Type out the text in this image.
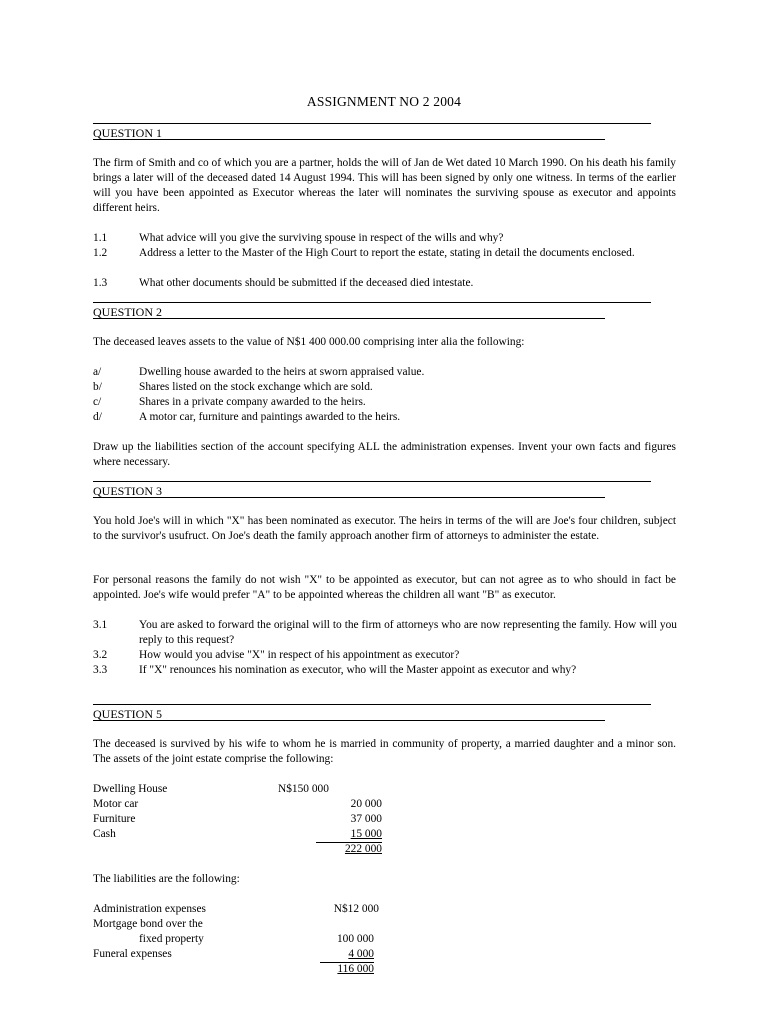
ASSIGNMENT NO 2 2004
QUESTION 1

The firm of Smith and co of which you are a partner, holds the will of Jan de Wet dated 10 March 1990. On his death his family brings a later will of the deceased dated 14 August 1994. This will has been signed by only one witness. In terms of the earlier will you have been appointed as Executor whereas the later will nominates the surviving spouse as executor and appoints different heirs.

1.1	What advice will you give the surviving spouse in respect of the wills and why?
1.2	Address a letter to the Master of the High Court to report the estate, stating in detail the documents enclosed.
1.3	What other documents should be submitted if the deceased died intestate.
QUESTION 2

The deceased leaves assets to the value of N$1 400 000.00 comprising inter alia the following:

a/	Dwelling house awarded to the heirs at sworn appraised value.
b/	Shares listed on the stock exchange which are sold.
c/	Shares in a private company awarded to the heirs.
d/	A motor car, furniture and paintings awarded to the heirs.

Draw up the liabilities section of the account specifying ALL the administration expenses. Invent your own facts and figures where necessary.

QUESTION 3

You hold Joe's will in which "X" has been nominated as executor. The heirs in terms of the will are Joe's four children, subject to the survivor's usufruct. On Joe's death the family approach another firm of attorneys to administer the estate.

For personal reasons the family do not wish "X" to be appointed as executor, but can not agree as to who should in fact be appointed. Joe's wife would prefer "A" to be appointed whereas the children all want "B" as executor.

3.1	You are asked to forward the original will to the firm of attorneys who are now representing the family. How will you reply to this request?
3.2	How would you advise "X" in respect of his appointment as executor?
3.3	If "X" renounces his nomination as executor, who will the Master appoint as executor and why?
QUESTION 5

The deceased is survived by his wife to whom he is married in community of property, a married daughter and a minor son. The assets of the joint estate comprise the following:

Dwelling House	N$150 000
Motor car	20 000
Furniture	37 000
Cash	15 000
222 000
The liabilities are the following:
Administration expenses	N$12 000
Mortgage bond over the
fixed property	100 000
Funeral expenses	4 000
116 000
